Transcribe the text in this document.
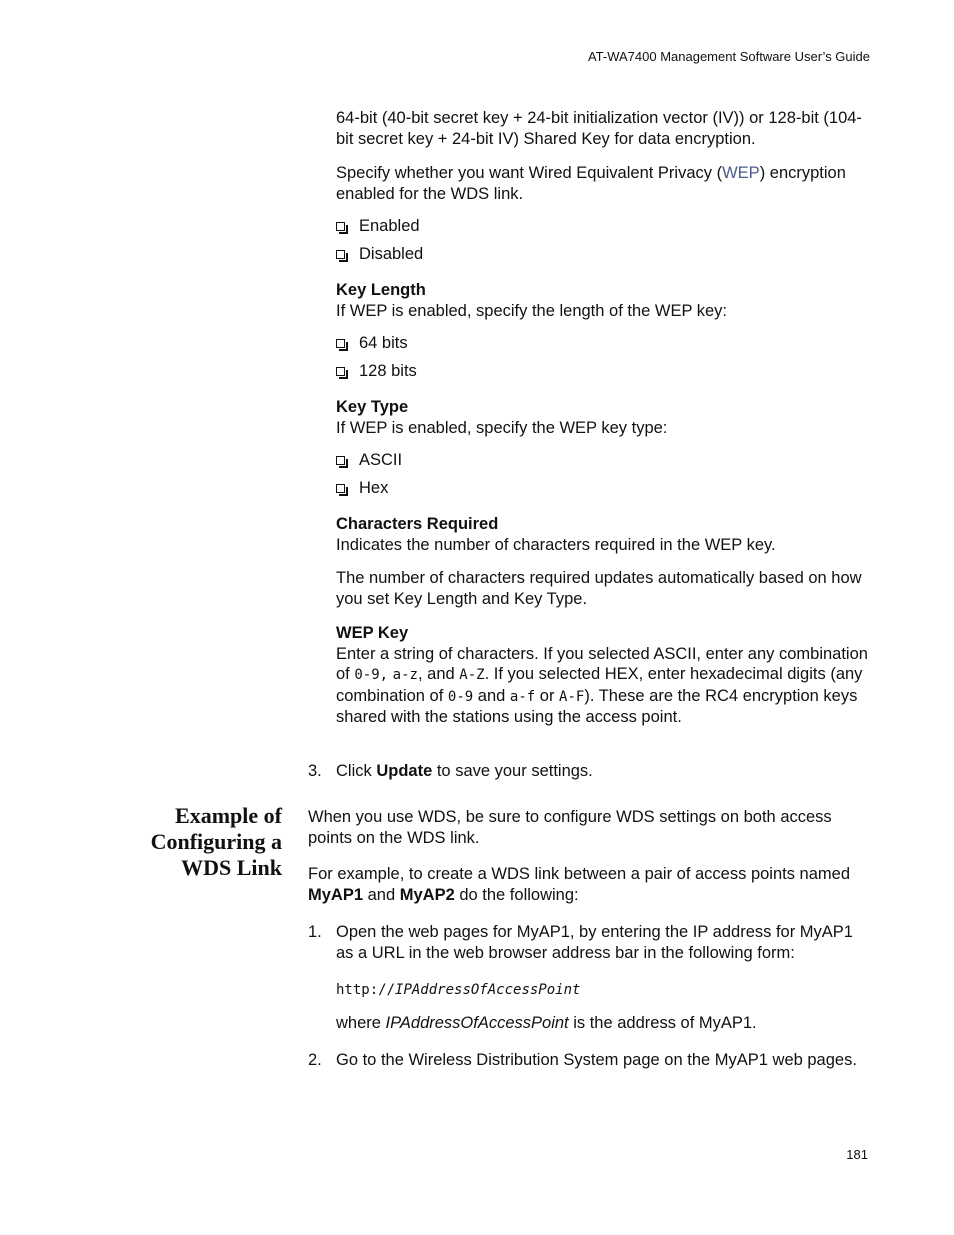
AT-WA7400 Management Software User’s Guide

64-bit (40-bit secret key + 24-bit initialization vector (IV)) or 128-bit (104-bit secret key + 24-bit IV) Shared Key for data encryption.

Specify whether you want Wired Equivalent Privacy (WEP) encryption enabled for the WDS link.

Enabled
Disabled

Key Length
If WEP is enabled, specify the length of the WEP key:

64 bits
128 bits

Key Type
If WEP is enabled, specify the WEP key type:

ASCII
Hex

Characters Required
Indicates the number of characters required in the WEP key.

The number of characters required updates automatically based on how you set Key Length and Key Type.

WEP Key
Enter a string of characters. If you selected ASCII, enter any combination of 0-9, a-z, and A-Z. If you selected HEX, enter hexadecimal digits (any combination of 0-9 and a-f or A-F). These are the RC4 encryption keys shared with the stations using the access point.

3. Click Update to save your settings.

Example of
Configuring a
WDS Link

When you use WDS, be sure to configure WDS settings on both access points on the WDS link.

For example, to create a WDS link between a pair of access points named MyAP1 and MyAP2 do the following:

1. Open the web pages for MyAP1, by entering the IP address for MyAP1 as a URL in the web browser address bar in the following form:

http://IPAddressOfAccessPoint

where IPAddressOfAccessPoint is the address of MyAP1.

2. Go to the Wireless Distribution System page on the MyAP1 web pages.

181
